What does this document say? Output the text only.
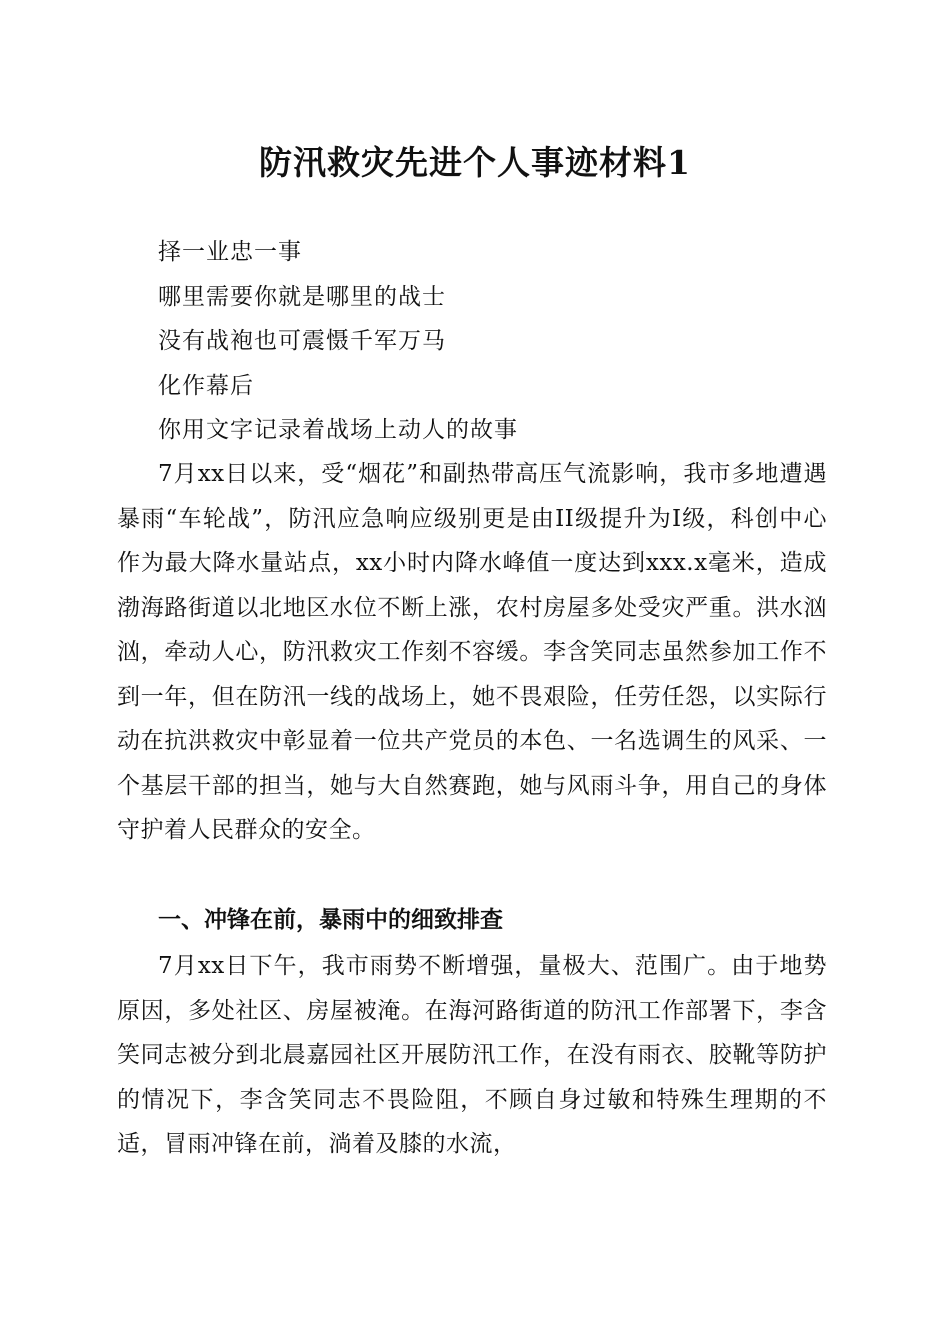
防汛救灾先进个人事迹材料1
择一业忠一事
哪里需要你就是哪里的战士
没有战袍也可震慑千军万马
化作幕后
你用文字记录着战场上动人的故事
7月xx日以来，受“烟花”和副热带高压气流影响，我市多地遭遇暴雨“车轮战”，防汛应急响应级别更是由II级提升为I级，科创中心作为最大降水量站点，xx小时内降水峰值一度达到xxx.x毫米，造成渤海路街道以北地区水位不断上涨，农村房屋多处受灾严重。洪水汹汹，牵动人心，防汛救灾工作刻不容缓。李含笑同志虽然参加工作不到一年，但在防汛一线的战场上，她不畏艰险，任劳任怨，以实际行动在抗洪救灾中彰显着一位共产党员的本色、一名选调生的风采、一个基层干部的担当，她与大自然赛跑，她与风雨斗争，用自己的身体守护着人民群众的安全。
一、冲锋在前，暴雨中的细致排查
7月xx日下午，我市雨势不断增强，量极大、范围广。由于地势原因，多处社区、房屋被淹。在海河路街道的防汛工作部署下，李含笑同志被分到北晨嘉园社区开展防汛工作，在没有雨衣、胶靴等防护的情况下，李含笑同志不畏险阻，不顾自身过敏和特殊生理期的不适，冒雨冲锋在前，淌着及膝的水流，
